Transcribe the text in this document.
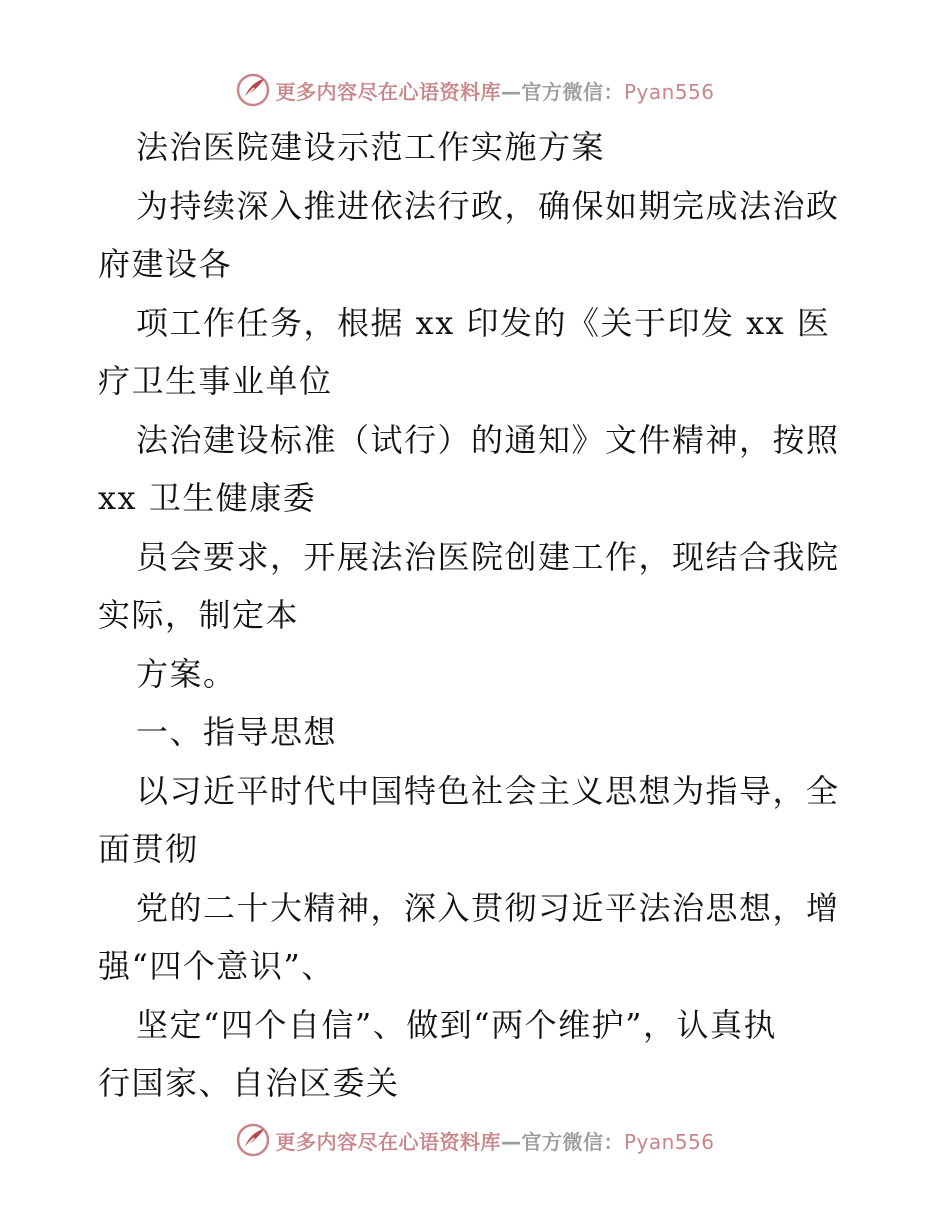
更多内容尽在心语资料库—官方微信：Pyan556
法治医院建设示范工作实施方案
为持续深入推进依法行政，确保如期完成法治政
府建设各
项工作任务，根据 xx 印发的《关于印发 xx 医
疗卫生事业单位
法治建设标准（试行）的通知》文件精神，按照
xx 卫生健康委
员会要求，开展法治医院创建工作，现结合我院
实际，制定本
方案。
一、指导思想
以习近平时代中国特色社会主义思想为指导，全
面贯彻
党的二十大精神，深入贯彻习近平法治思想，增
强“四个意识”、
坚定“四个自信”、做到“两个维护”，认真执
行国家、自治区委关
更多内容尽在心语资料库—官方微信：Pyan556
